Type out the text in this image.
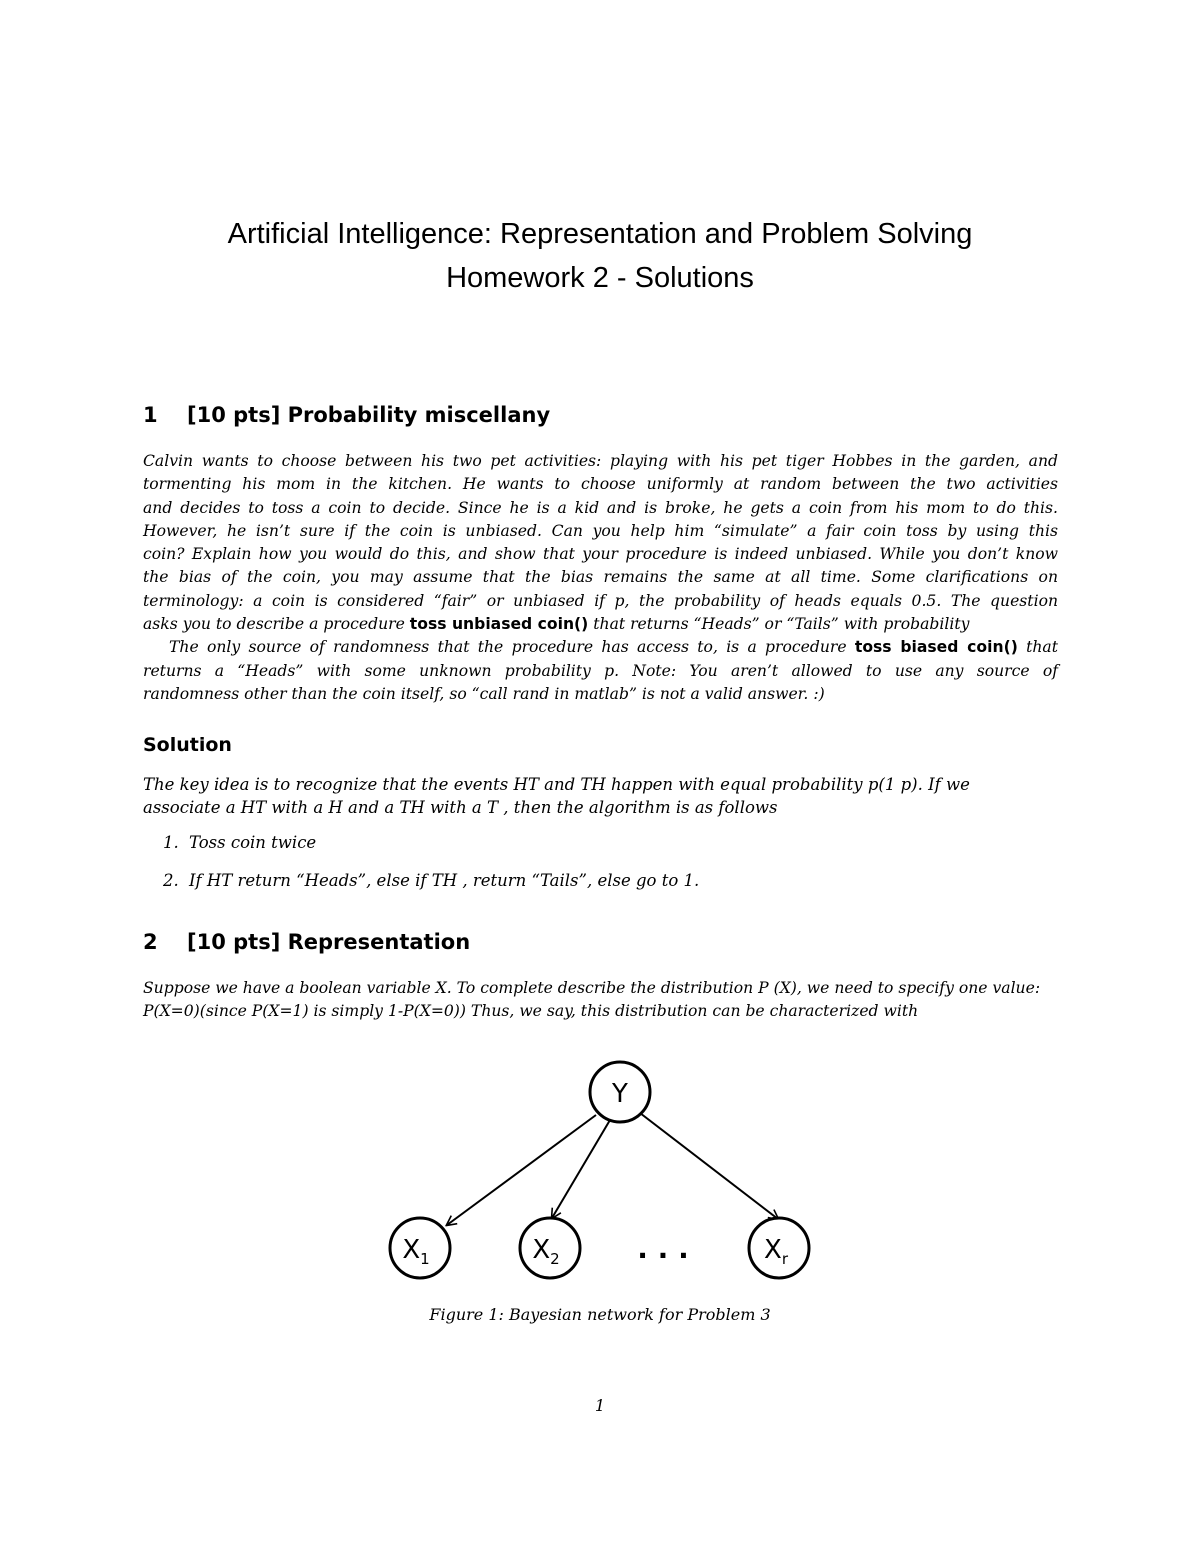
Artificial Intelligence: Representation and Problem Solving
Homework 2 - Solutions
1 [10 pts] Probability miscellany
Calvin wants to choose between his two pet activities: playing with his pet tiger Hobbes in the garden, and
tormenting his mom in the kitchen. He wants to choose uniformly at random between the two activities
and decides to toss a coin to decide. Since he is a kid and is broke, he gets a coin from his mom to do this.
However, he isn’t sure if the coin is unbiased. Can you help him “simulate” a fair coin toss by using this
coin? Explain how you would do this, and show that your procedure is indeed unbiased. While you don’t know
the bias of the coin, you may assume that the bias remains the same at all time. Some clarifications on
terminology: a coin is considered “fair” or unbiased if p, the probability of heads equals 0.5. The question
asks you to describe a procedure toss unbiased coin() that returns “Heads” or “Tails” with probability
The only source of randomness that the procedure has access to, is a procedure toss biased coin() that
returns a “Heads” with some unknown probability p. Note: You aren’t allowed to use any source of
randomness other than the coin itself, so “call rand in matlab” is not a valid answer. :)
Solution
The key idea is to recognize that the events HT and TH happen with equal probability p(1 p). If we
associate a HT with a H and a TH with a T , then the algorithm is as follows
1. Toss coin twice
2. If HT return “Heads”, else if TH , return “Tails”, else go to 1.
2 [10 pts] Representation
Suppose we have a boolean variable X. To complete describe the distribution P (X), we need to specify one value:
P(X=0)(since P(X=1) is simply 1-P(X=0)) Thus, we say, this distribution can be characterized with
Y
$X_1$	$X_2$	. . .	$X_r$
Figure 1: Bayesian network for Problem 3
1
